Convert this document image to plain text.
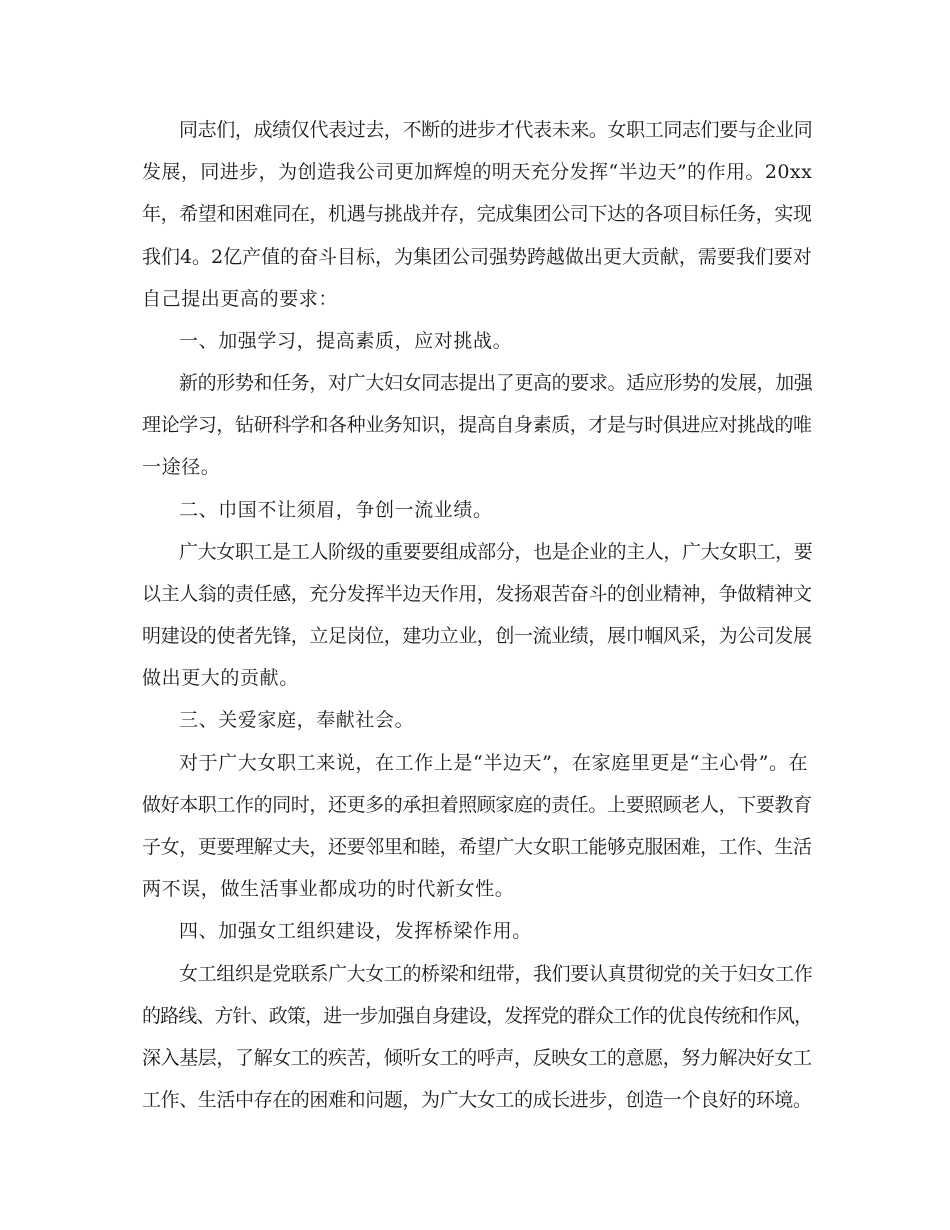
同志们，成绩仅代表过去，不断的进步才代表未来。女职工同志们要与企业同
发展，同进步，为创造我公司更加辉煌的明天充分发挥“半边天”的作用。20xx
年，希望和困难同在，机遇与挑战并存，完成集团公司下达的各项目标任务，实现
我们4。2亿产值的奋斗目标，为集团公司强势跨越做出更大贡献，需要我们要对
自己提出更高的要求：
一、加强学习，提高素质，应对挑战。
新的形势和任务，对广大妇女同志提出了更高的要求。适应形势的发展，加强
理论学习，钻研科学和各种业务知识，提高自身素质，才是与时俱进应对挑战的唯
一途径。
二、巾国不让须眉，争创一流业绩。
广大女职工是工人阶级的重要要组成部分，也是企业的主人，广大女职工，要
以主人翁的责任感，充分发挥半边天作用，发扬艰苦奋斗的创业精神，争做精神文
明建设的使者先锋，立足岗位，建功立业，创一流业绩，展巾帼风采，为公司发展
做出更大的贡献。
三、关爱家庭，奉献社会。
对于广大女职工来说，在工作上是“半边天”，在家庭里更是“主心骨”。在
做好本职工作的同时，还更多的承担着照顾家庭的责任。上要照顾老人，下要教育
子女，更要理解丈夫，还要邻里和睦，希望广大女职工能够克服困难，工作、生活
两不误，做生活事业都成功的时代新女性。
四、加强女工组织建设，发挥桥梁作用。
女工组织是党联系广大女工的桥梁和纽带，我们要认真贯彻党的关于妇女工作
的路线、方针、政策，进一步加强自身建设，发挥党的群众工作的优良传统和作风，
深入基层，了解女工的疾苦，倾听女工的呼声，反映女工的意愿，努力解决好女工
工作、生活中存在的困难和问题，为广大女工的成长进步，创造一个良好的环境。
